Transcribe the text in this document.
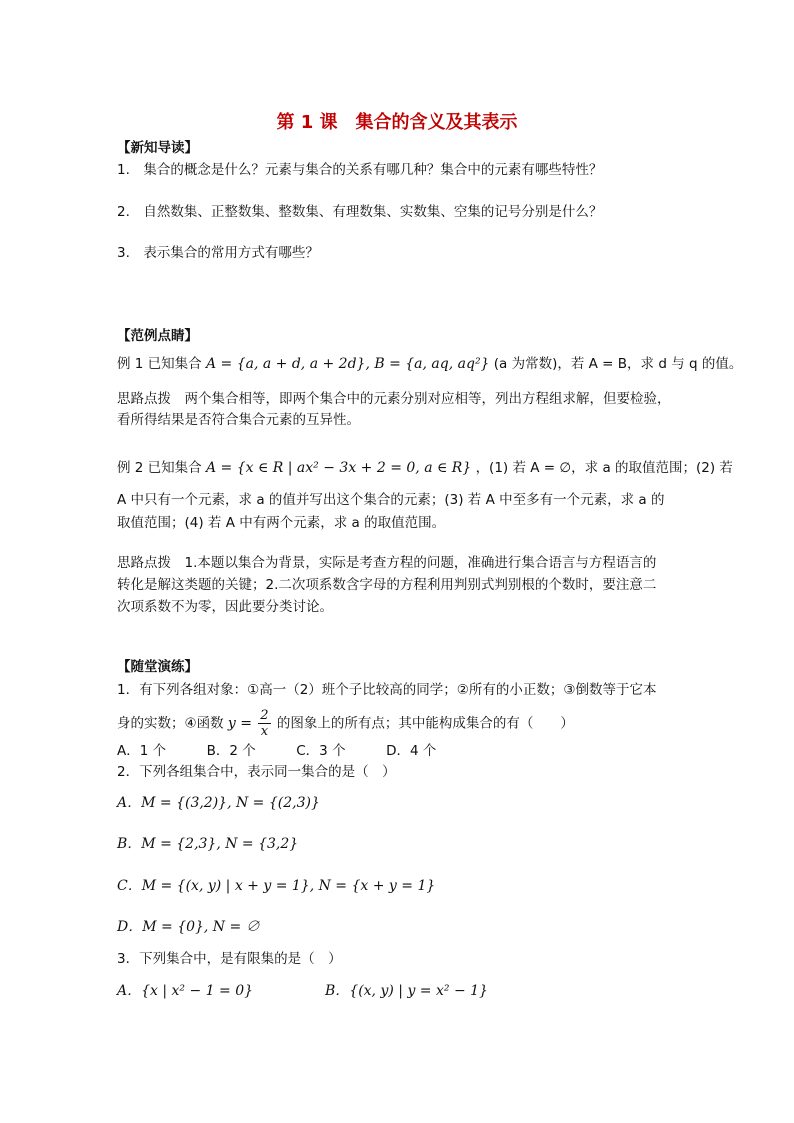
第 1 课　集合的含义及其表示
【新知导读】
1.　集合的概念是什么？元素与集合的关系有哪几种？集合中的元素有哪些特性？
2.　自然数集、正整数集、整数集、有理数集、实数集、空集的记号分别是什么？
3.　表示集合的常用方式有哪些？
【范例点睛】
例 1 已知集合 A = {a, a + d, a + 2d}, B = {a, aq, aq²} (a 为常数)，若 A = B，求 d 与 q 的值。
思路点拨　两个集合相等，即两个集合中的元素分别对应相等，列出方程组求解，但要检验，
看所得结果是否符合集合元素的互异性。
例 2 已知集合 A = {x ∈ R | ax² − 3x + 2 = 0, a ∈ R} ，(1) 若 A = ∅，求 a 的取值范围；(2) 若
A 中只有一个元素，求 a 的值并写出这个集合的元素；(3) 若 A 中至多有一个元素，求 a 的
取值范围；(4) 若 A 中有两个元素，求 a 的取值范围。
思路点拨　1.本题以集合为背景，实际是考查方程的问题，准确进行集合语言与方程语言的
转化是解这类题的关键；2.二次项系数含字母的方程利用判别式判别根的个数时，要注意二
次项系数不为零，因此要分类讨论。
【随堂演练】
1．有下列各组对象：①高一（2）班个子比较高的同学；②所有的小正数；③倒数等于它本
身的实数；④函数 $y = \frac{2}{x}$ 的图象上的所有点；其中能构成集合的有（　　）
A．1 个　　　B．2 个　　　C．3 个　　　D．4 个
2．下列各组集合中，表示同一集合的是（　）
A．M = {(3,2)}, N = {(2,3)}
B．M = {2,3}, N = {3,2}
C．M = {(x, y) | x + y = 1}, N = {x + y = 1}
D．M = {0}, N = ∅
3．下列集合中，是有限集的是（　）
A．{x | x² − 1 = 0}	B．{(x, y) | y = x² − 1}
